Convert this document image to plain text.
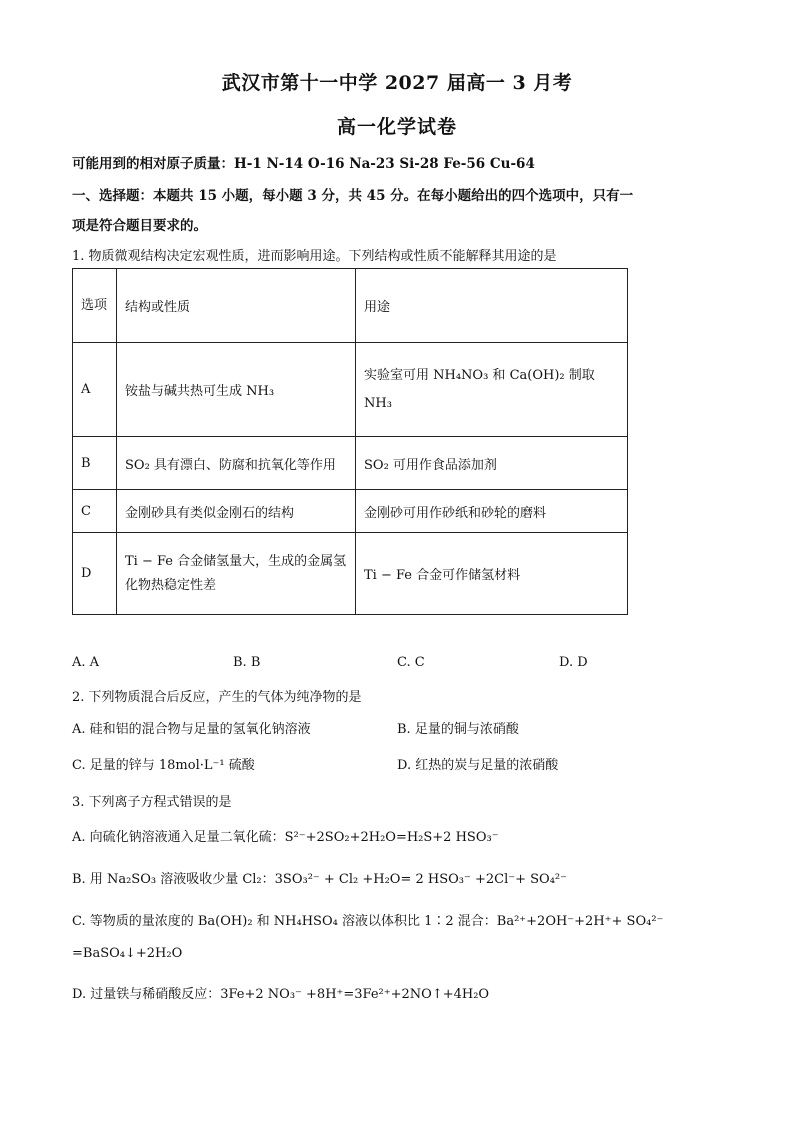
武汉市第十一中学 2027 届高一 3 月考
高一化学试卷
可能用到的相对原子质量：H-1 N-14 O-16 Na-23 Si-28 Fe-56 Cu-64
一、选择题：本题共 15 小题，每小题 3 分，共 45 分。在每小题给出的四个选项中，只有一
项是符合题目要求的。
1. 物质微观结构决定宏观性质，进而影响用途。下列结构或性质不能解释其用途的是
选项	结构或性质	用途
A	铵盐与碱共热可生成 NH₃	实验室可用 NH₄NO₃ 和 Ca(OH)₂ 制取 NH₃
B	SO₂ 具有漂白、防腐和抗氧化等作用	SO₂ 可用作食品添加剂
C	金刚砂具有类似金刚石的结构	金刚砂可用作砂纸和砂轮的磨料
D	Ti − Fe 合金储氢量大，生成的金属氢化物热稳定性差	Ti − Fe 合金可作储氢材料
A. A	B. B	C. C	D. D
2. 下列物质混合后反应，产生的气体为纯净物的是
A. 硅和铝的混合物与足量的氢氧化钠溶液	B. 足量的铜与浓硝酸
C. 足量的锌与 18mol·L⁻¹ 硫酸	D. 红热的炭与足量的浓硝酸
3. 下列离子方程式错误的是
A. 向硫化钠溶液通入足量二氧化硫：S²⁻+2SO₂+2H₂O=H₂S+2 HSO₃⁻
B. 用 Na₂SO₃ 溶液吸收少量 Cl₂：3SO₃²⁻ + Cl₂ +H₂O= 2 HSO₃⁻ +2Cl⁻+ SO₄²⁻
C. 等物质的量浓度的 Ba(OH)₂ 和 NH₄HSO₄ 溶液以体积比 1∶2 混合：Ba²⁺+2OH⁻+2H⁺+ SO₄²⁻
=BaSO₄↓+2H₂O
D. 过量铁与稀硝酸反应：3Fe+2 NO₃⁻ +8H⁺=3Fe²⁺+2NO↑+4H₂O
